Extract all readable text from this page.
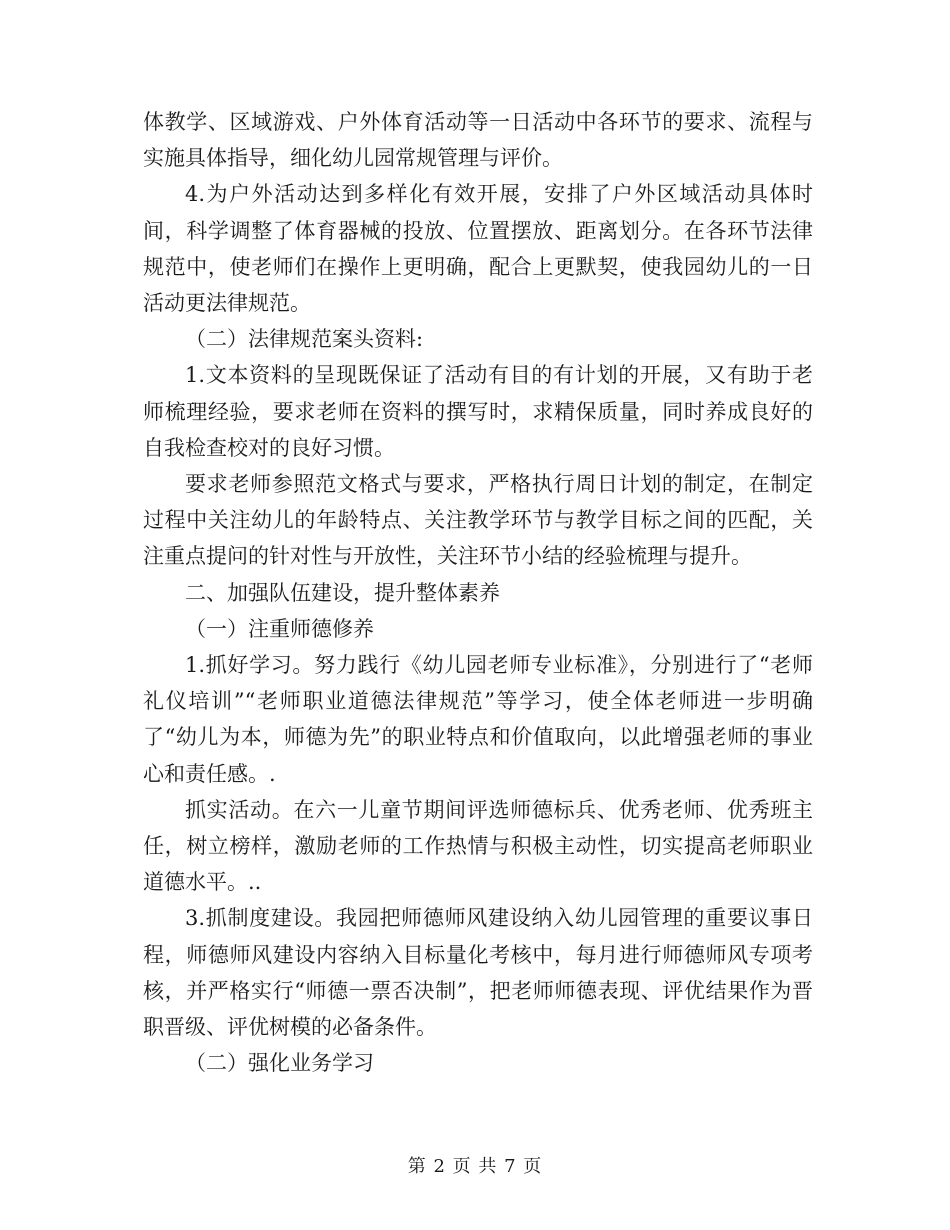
体教学、区域游戏、户外体育活动等一日活动中各环节的要求、流程与实施具体指导，细化幼儿园常规管理与评价。

4.为户外活动达到多样化有效开展，安排了户外区域活动具体时间，科学调整了体育器械的投放、位置摆放、距离划分。在各环节法律规范中，使老师们在操作上更明确，配合上更默契，使我园幼儿的一日活动更法律规范。

（二）法律规范案头资料:

1.文本资料的呈现既保证了活动有目的有计划的开展，又有助于老师梳理经验，要求老师在资料的撰写时，求精保质量，同时养成良好的自我检查校对的良好习惯。

要求老师参照范文格式与要求，严格执行周日计划的制定，在制定过程中关注幼儿的年龄特点、关注教学环节与教学目标之间的匹配，关注重点提问的针对性与开放性，关注环节小结的经验梳理与提升。

二、加强队伍建设，提升整体素养

（一）注重师德修养

1.抓好学习。努力践行《幼儿园老师专业标准》，分别进行了“老师礼仪培训”“老师职业道德法律规范”等学习，使全体老师进一步明确了“幼儿为本，师德为先”的职业特点和价值取向，以此增强老师的事业心和责任感。.

抓实活动。在六一儿童节期间评选师德标兵、优秀老师、优秀班主任，树立榜样，激励老师的工作热情与积极主动性，切实提高老师职业道德水平。..

3.抓制度建设。我园把师德师风建设纳入幼儿园管理的重要议事日程，师德师风建设内容纳入目标量化考核中，每月进行师德师风专项考核，并严格实行“师德一票否决制”，把老师师德表现、评优结果作为晋职晋级、评优树模的必备条件。

（二）强化业务学习

第 2 页 共 7 页
